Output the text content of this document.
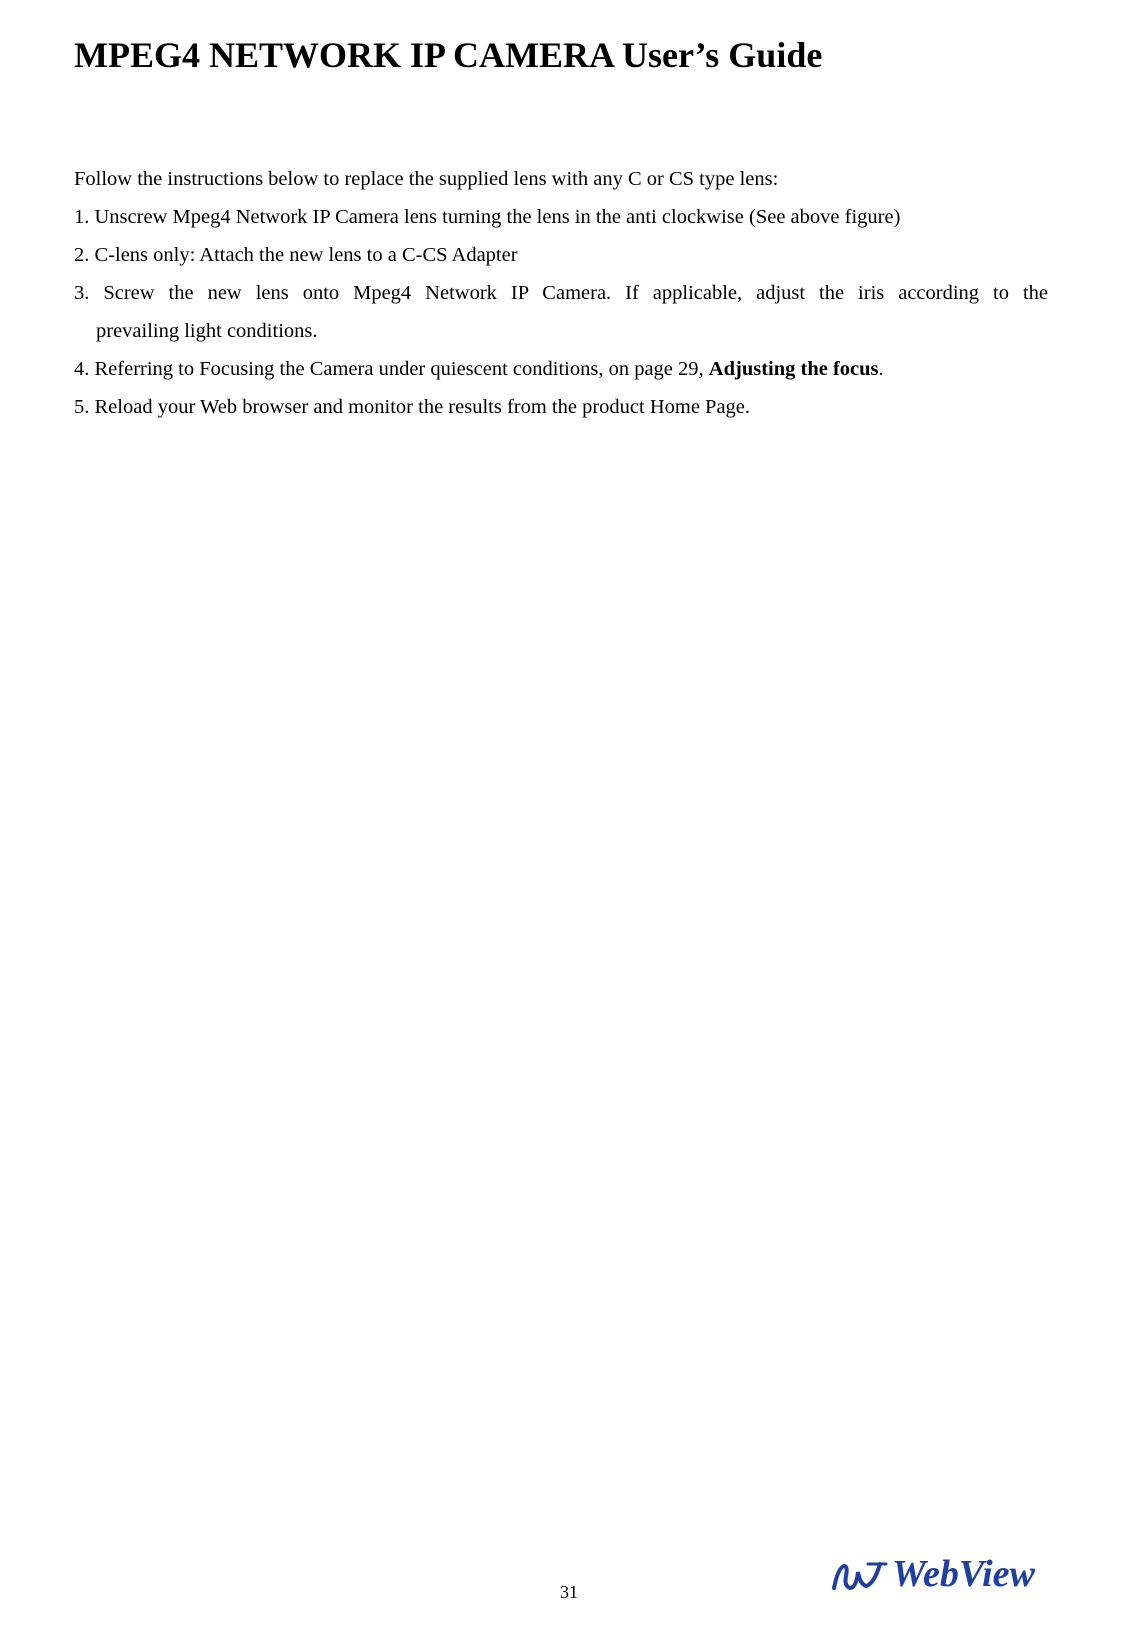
MPEG4 NETWORK IP CAMERA User’s Guide

Follow the instructions below to replace the supplied lens with any C or CS type lens:

1. Unscrew Mpeg4 Network IP Camera lens turning the lens in the anti clockwise (See above figure)

2. C-lens only: Attach the new lens to a C-CS Adapter

3. Screw the new lens onto Mpeg4 Network IP Camera. If applicable, adjust the iris according to the

prevailing light conditions.

4. Referring to Focusing the Camera under quiescent conditions, on page 29, Adjusting the focus.

5. Reload your Web browser and monitor the results from the product Home Page.

31	WebView
